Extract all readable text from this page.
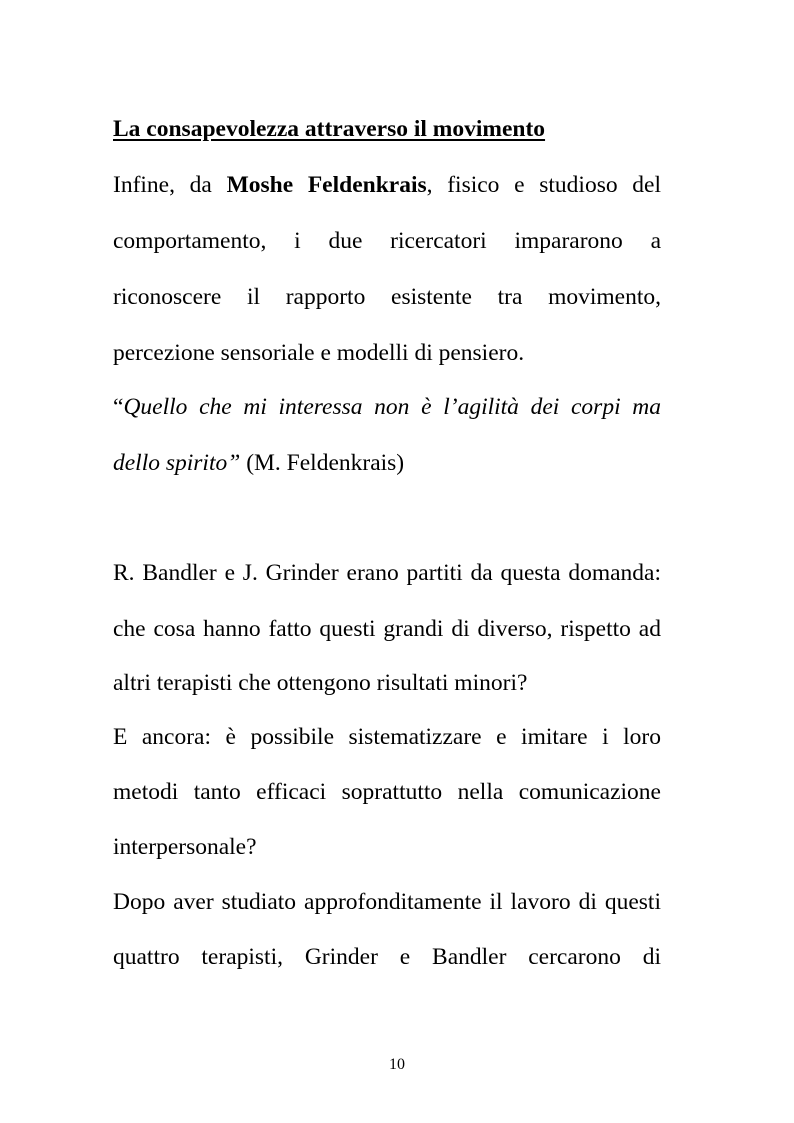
La consapevolezza attraverso il movimento
Infine, da Moshe Feldenkrais, fisico e studioso del
comportamento, i due ricercatori impararono a
riconoscere il rapporto esistente tra movimento,
percezione sensoriale e modelli di pensiero.
“Quello che mi interessa non è l’agilità dei corpi ma
dello spirito” (M. Feldenkrais)
R. Bandler e J. Grinder erano partiti da questa domanda:
che cosa hanno fatto questi grandi di diverso, rispetto ad
altri terapisti che ottengono risultati minori?
E ancora: è possibile sistematizzare e imitare i loro
metodi tanto efficaci soprattutto nella comunicazione
interpersonale?
Dopo aver studiato approfonditamente il lavoro di questi
quattro terapisti, Grinder e Bandler cercarono di
10
